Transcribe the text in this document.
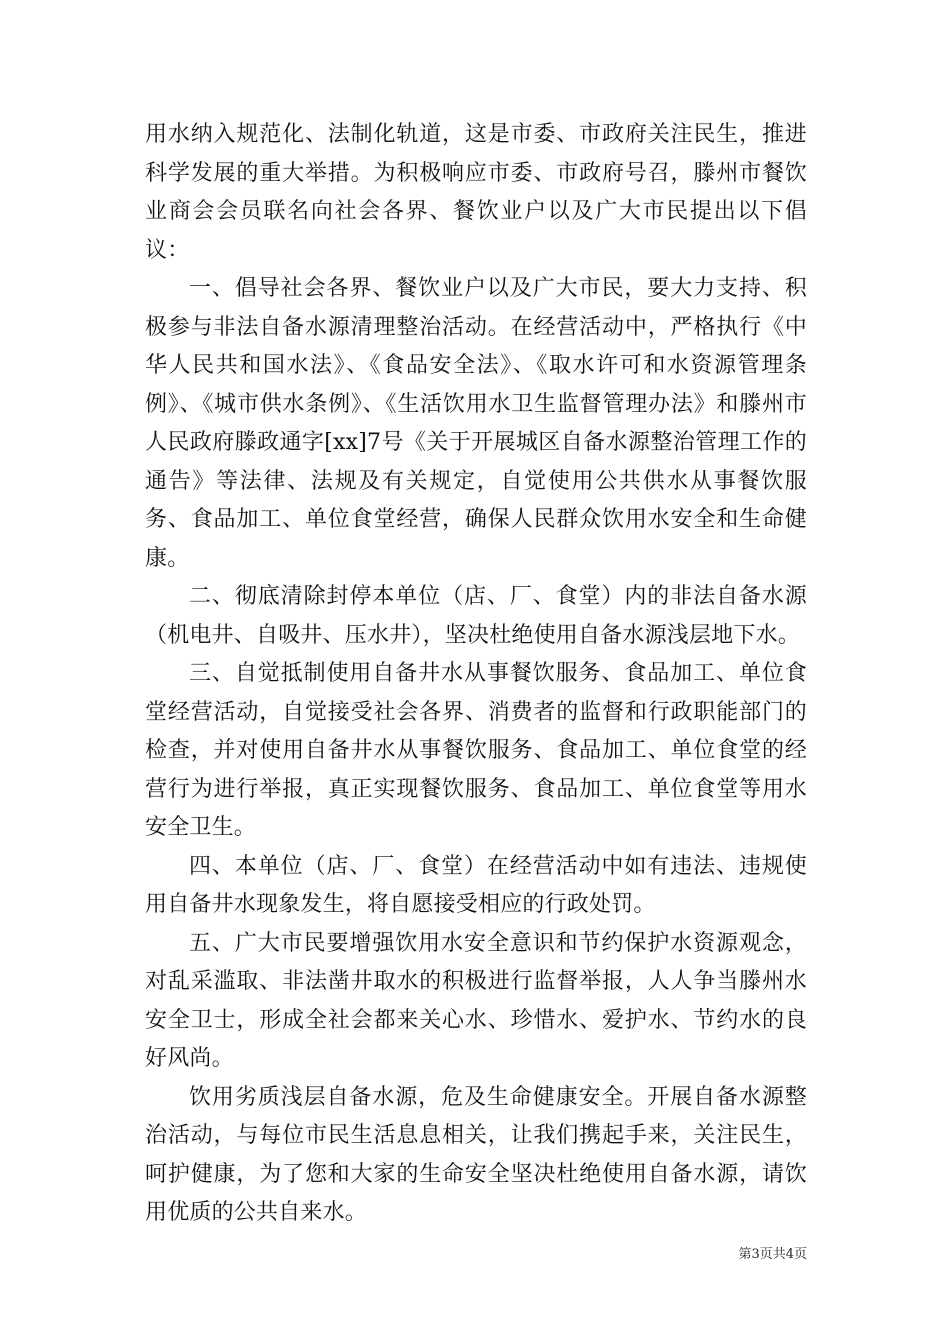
用水纳入规范化、法制化轨道，这是市委、市政府关注民生，推进科学发展的重大举措。为积极响应市委、市政府号召，滕州市餐饮业商会会员联名向社会各界、餐饮业户以及广大市民提出以下倡议：

一、倡导社会各界、餐饮业户以及广大市民，要大力支持、积极参与非法自备水源清理整治活动。在经营活动中，严格执行《中华人民共和国水法》、《食品安全法》、《取水许可和水资源管理条例》、《城市供水条例》、《生活饮用水卫生监督管理办法》和滕州市人民政府滕政通字[xx]7号《关于开展城区自备水源整治管理工作的通告》等法律、法规及有关规定，自觉使用公共供水从事餐饮服务、食品加工、单位食堂经营，确保人民群众饮用水安全和生命健康。

二、彻底清除封停本单位（店、厂、食堂）内的非法自备水源（机电井、自吸井、压水井），坚决杜绝使用自备水源浅层地下水。

三、自觉抵制使用自备井水从事餐饮服务、食品加工、单位食堂经营活动，自觉接受社会各界、消费者的监督和行政职能部门的检查，并对使用自备井水从事餐饮服务、食品加工、单位食堂的经营行为进行举报，真正实现餐饮服务、食品加工、单位食堂等用水安全卫生。

四、本单位（店、厂、食堂）在经营活动中如有违法、违规使用自备井水现象发生，将自愿接受相应的行政处罚。

五、广大市民要增强饮用水安全意识和节约保护水资源观念，对乱采滥取、非法凿井取水的积极进行监督举报，人人争当滕州水安全卫士，形成全社会都来关心水、珍惜水、爱护水、节约水的良好风尚。

饮用劣质浅层自备水源，危及生命健康安全。开展自备水源整治活动，与每位市民生活息息相关，让我们携起手来，关注民生，呵护健康，为了您和大家的生命安全坚决杜绝使用自备水源，请饮用优质的公共自来水。

第3页共4页
